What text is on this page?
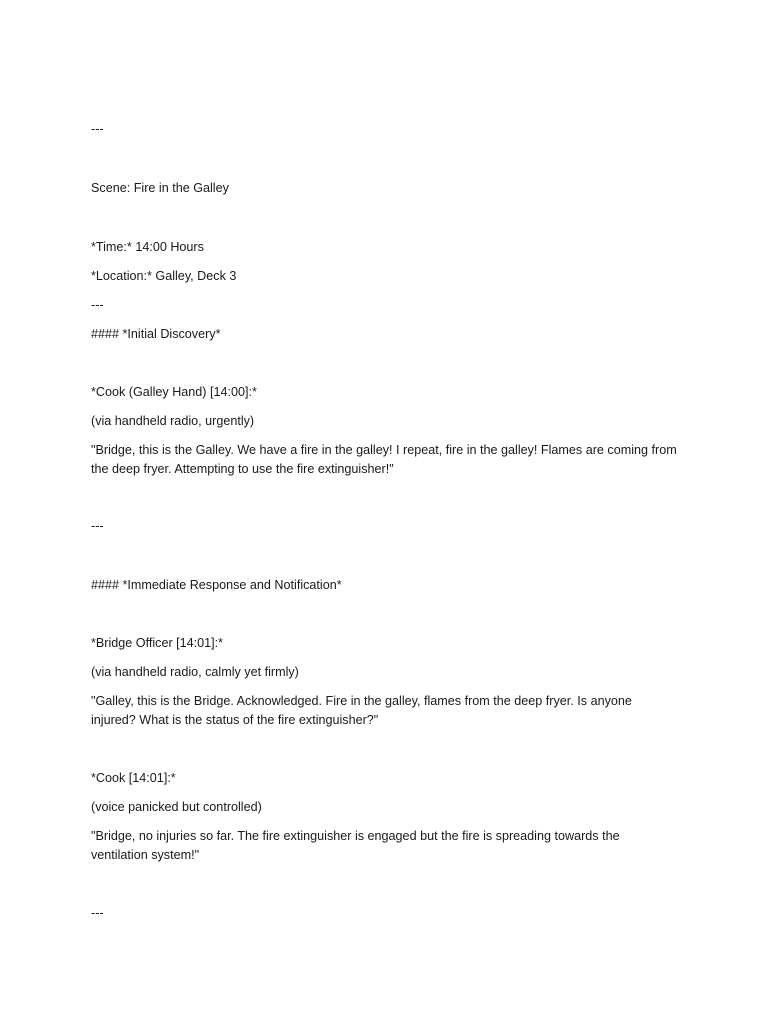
---

Scene: Fire in the Galley

*Time:* 14:00 Hours

*Location:* Galley, Deck 3

---

#### *Initial Discovery*

*Cook (Galley Hand) [14:00]:*

(via handheld radio, urgently)

"Bridge, this is the Galley. We have a fire in the galley! I repeat, fire in the galley! Flames are coming from the deep fryer. Attempting to use the fire extinguisher!"

---

#### *Immediate Response and Notification*

*Bridge Officer [14:01]:*

(via handheld radio, calmly yet firmly)

"Galley, this is the Bridge. Acknowledged. Fire in the galley, flames from the deep fryer. Is anyone injured? What is the status of the fire extinguisher?"

*Cook [14:01]:*

(voice panicked but controlled)

"Bridge, no injuries so far. The fire extinguisher is engaged but the fire is spreading towards the ventilation system!"

---
